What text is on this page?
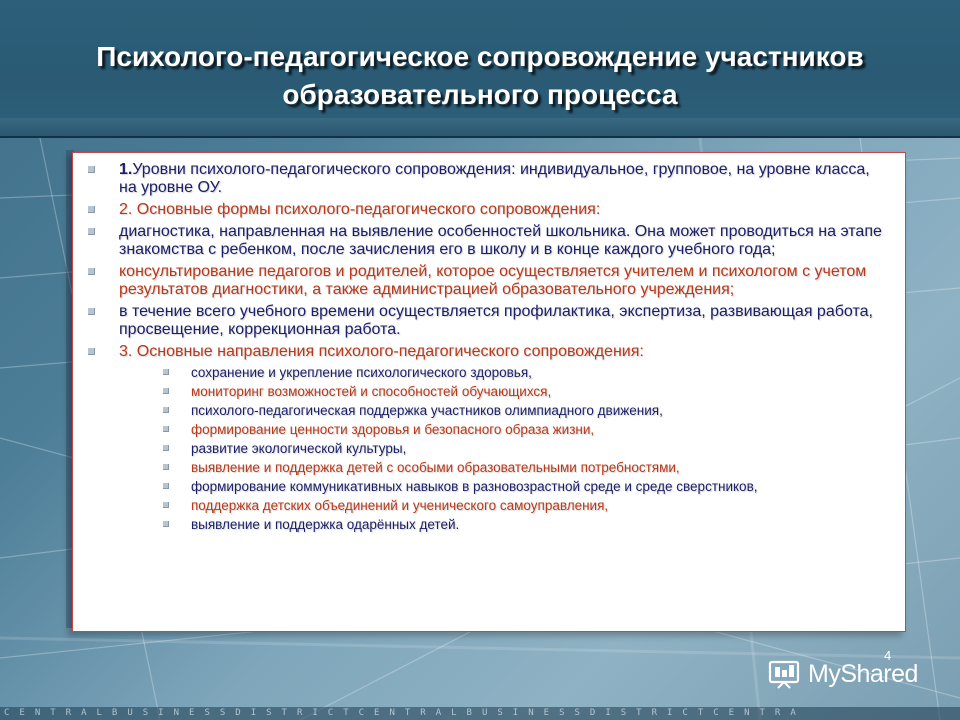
Психолого-педагогическое сопровождение участников образовательного процесса
1.Уровни психолого-педагогического сопровождения: индивидуальное, групповое, на уровне класса, на уровне ОУ.
2. Основные формы психолого-педагогического сопровождения:
диагностика, направленная на выявление особенностей школьника. Она может проводиться на этапе знакомства с ребенком, после зачисления его в школу и в конце каждого учебного года;
консультирование педагогов и родителей, которое осуществляется учителем и психологом с учетом результатов диагностики, а также администрацией образовательного учреждения;
в течение всего учебного времени осуществляется профилактика, экспертиза, развивающая работа, просвещение, коррекционная работа.
3. Основные направления психолого-педагогического сопровождения:
сохранение и укрепление психологического здоровья,
мониторинг возможностей и способностей обучающихся,
психолого-педагогическая поддержка участников олимпиадного движения,
формирование ценности здоровья и безопасного образа жизни,
развитие экологической культуры,
выявление и поддержка детей с особыми образовательными потребностями,
формирование коммуникативных навыков в разновозрастной среде и среде сверстников,
поддержка детских объединений и ученического самоуправления,
выявление и поддержка одарённых детей.
4
MyShared
CENTRALBUSINESSDISTRICTCENTRALBUSINESSDISTRICTCENTRA
